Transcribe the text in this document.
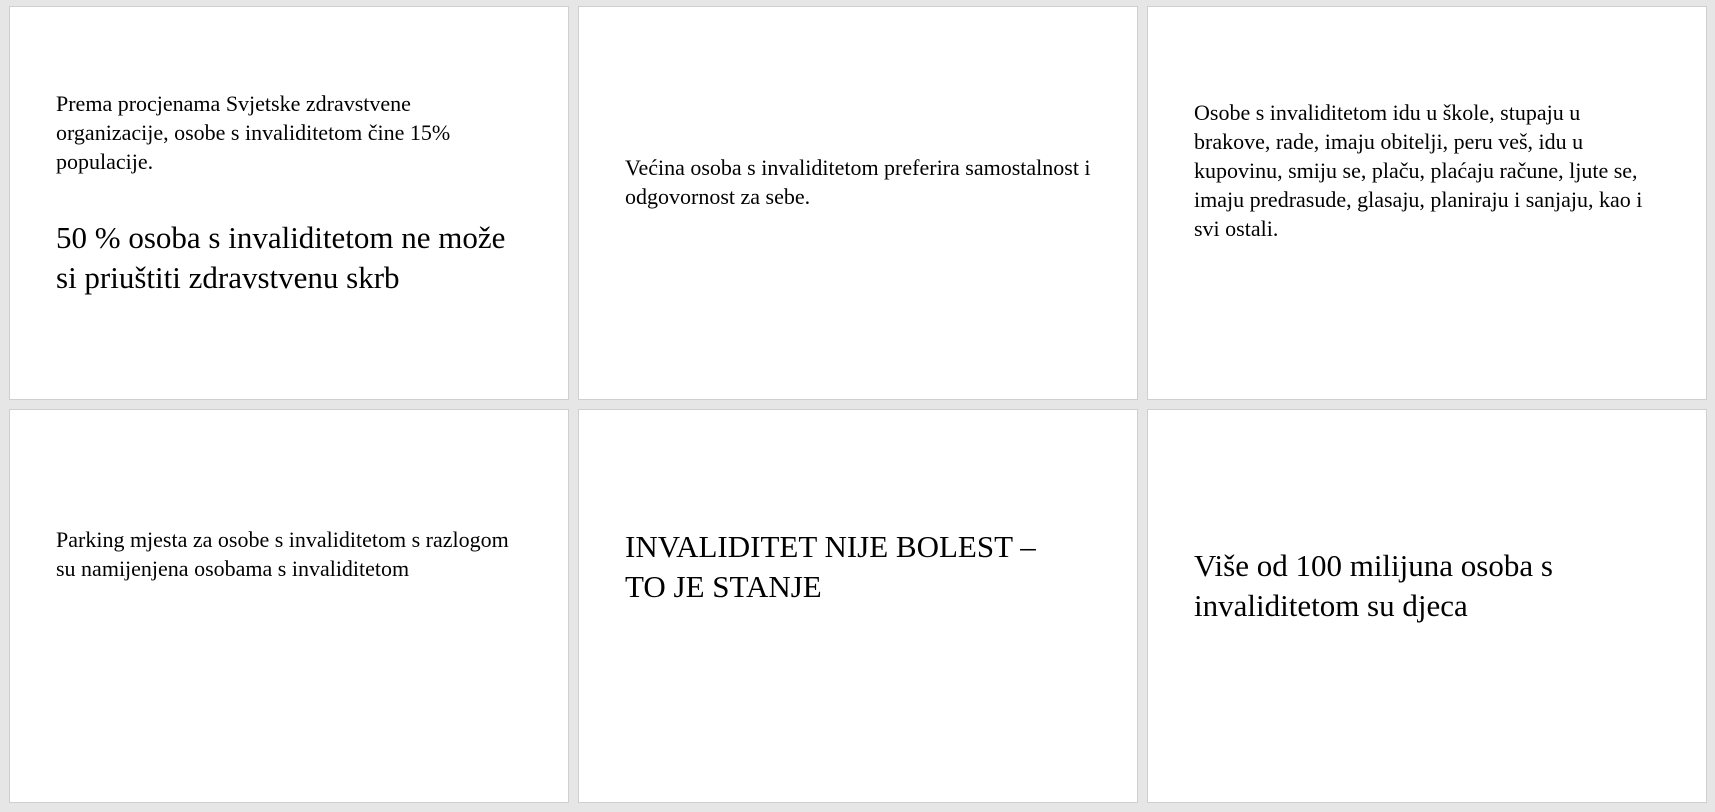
Prema procjenama Svjetske zdravstvene organizacije, osobe s invaliditetom čine 15% populacije.

50 % osoba s invaliditetom ne može si priuštiti zdravstvenu skrb

Većina osoba s invaliditetom preferira samostalnost i odgovornost za sebe.

Osobe s invaliditetom idu u škole, stupaju u brakove, rade, imaju obitelji, peru veš, idu u kupovinu, smiju se, plaču, plaćaju račune, ljute se, imaju predrasude, glasaju, planiraju i sanjaju, kao i svi ostali.

Parking mjesta za osobe s invaliditetom s razlogom su namijenjena osobama s invaliditetom

INVALIDITET NIJE BOLEST – TO JE STANJE

Više od 100 milijuna osoba s invaliditetom su djeca
